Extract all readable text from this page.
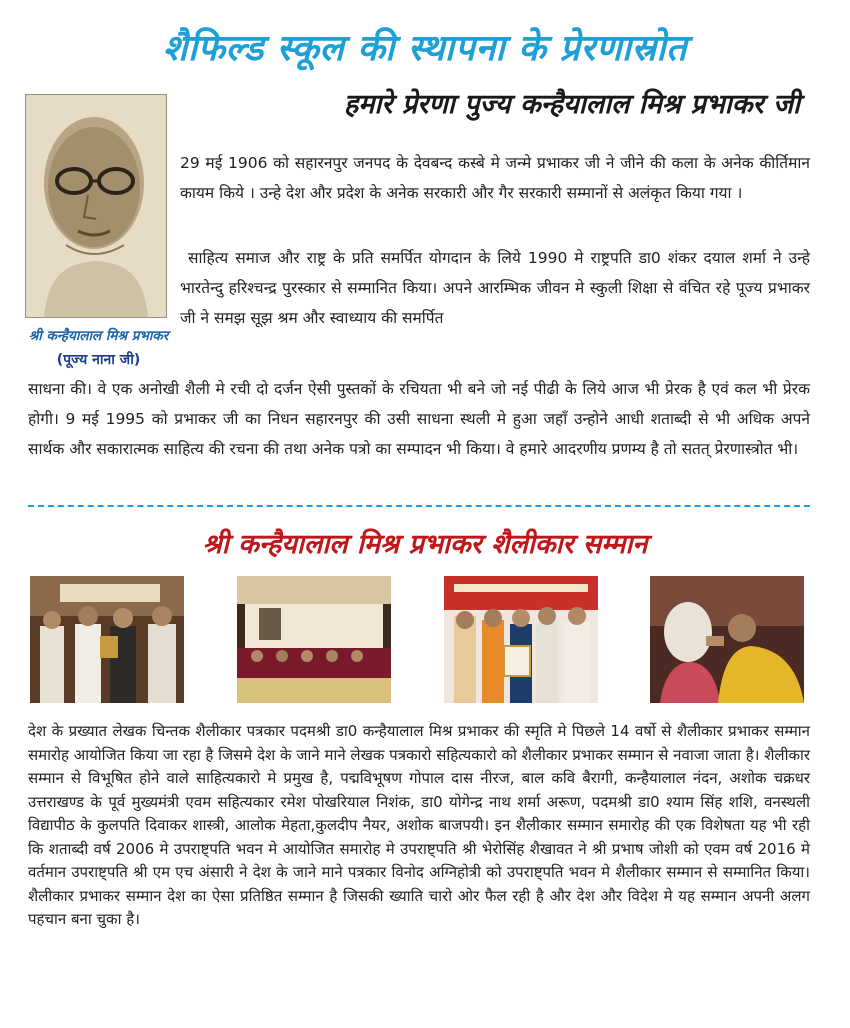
शैफिल्ड स्कूल की स्थापना के प्रेरणास्रोत
हमारे प्रेरणा पुज्य कन्हैयालाल मिश्र प्रभाकर जी
श्री कन्हैयालाल मिश्र प्रभाकर
(पूज्य नाना जी)
29 मई 1906 को सहारनपुर जनपद के देवबन्द कस्बे मे जन्मे प्रभाकर जी ने जीने की कला के अनेक कीर्तिमान कायम किये । उन्हे देश और प्रदेश के अनेक सरकारी और गैर सरकारी सम्मानों से अलंकृत किया गया ।
साहित्य समाज और राष्ट्र के प्रति समर्पित योगदान के लिये 1990 मे राष्ट्रपति डा0 शंकर दयाल शर्मा ने उन्हे भारतेन्दु हरिश्चन्द्र पुरस्कार से सम्मानित किया। अपने आरम्भिक जीवन मे स्कुली शिक्षा से वंचित रहे पूज्य प्रभाकर जी ने समझ सूझ श्रम और स्वाध्याय की समर्पित
साधना की। वे एक अनोखी शैली मे रची दो दर्जन ऐसी पुस्तकों के रचियता भी बने जो नई पीढी के लिये आज भी प्रेरक है एवं कल भी प्रेरक होगी। 9 मई 1995 को प्रभाकर जी का निधन सहारनपुर की उसी साधना स्थली मे हुआ जहाँ उन्होने आधी शताब्दी से भी अधिक अपने सार्थक और सकारात्मक साहित्य की रचना की तथा अनेक पत्रो का सम्पादन भी किया। वे हमारे आदरणीय प्रणम्य है तो सतत् प्रेरणास्त्रोत भी।
श्री कन्हैयालाल मिश्र प्रभाकर शैलीकार सम्मान
देश के प्रख्यात लेखक चिन्तक शैलीकार पत्रकार पदमश्री डा0 कन्हैयालाल मिश्र प्रभाकर की स्मृति मे पिछले 14 वर्षो से शैलीकार प्रभाकर सम्मान समारोह आयोजित किया जा रहा है जिसमे देश के जाने माने लेखक पत्रकारो सहित्यकारो को शैलीकार प्रभाकर सम्मान से नवाजा जाता है। शैलीकार सम्मान से विभूषित होने वाले साहित्यकारो मे प्रमुख है, पद्मविभूषण गोपाल दास नीरज, बाल कवि बैरागी, कन्हैयालाल नंदन, अशोक चक्रधर उत्तराखण्ड के पूर्व मुख्यमंत्री एवम सहित्यकार रमेश पोखरियाल निशंक, डा0 योगेन्द्र नाथ शर्मा अरूण, पदमश्री डा0 श्याम सिंह शशि, वनस्थली विद्यापीठ के कुलपति दिवाकर शास्त्री, आलोक मेहता,कुलदीप नैयर, अशोक बाजपयी। इन शैलीकार सम्मान समारोह की एक विशेषता यह भी रही कि शताब्दी वर्ष 2006 मे उपराष्ट्पति भवन मे आयोजित समारोह मे उपराष्ट्पति श्री भेरोसिंह शैखावत ने श्री प्रभाष जोशी को एवम वर्ष 2016 मे वर्तमान उपराष्ट्पति श्री एम एच अंसारी ने देश के जाने माने पत्रकार विनोद अग्निहोत्री को उपराष्ट्पति भवन मे शैलीकार सम्मान से सम्मानित किया। शैलीकार प्रभाकर सम्मान देश का ऐसा प्रतिष्ठित सम्मान है जिसकी ख्याति चारो ओर फैल रही है और देश और विदेश मे यह सम्मान अपनी अलग पहचान बना चुका है।
